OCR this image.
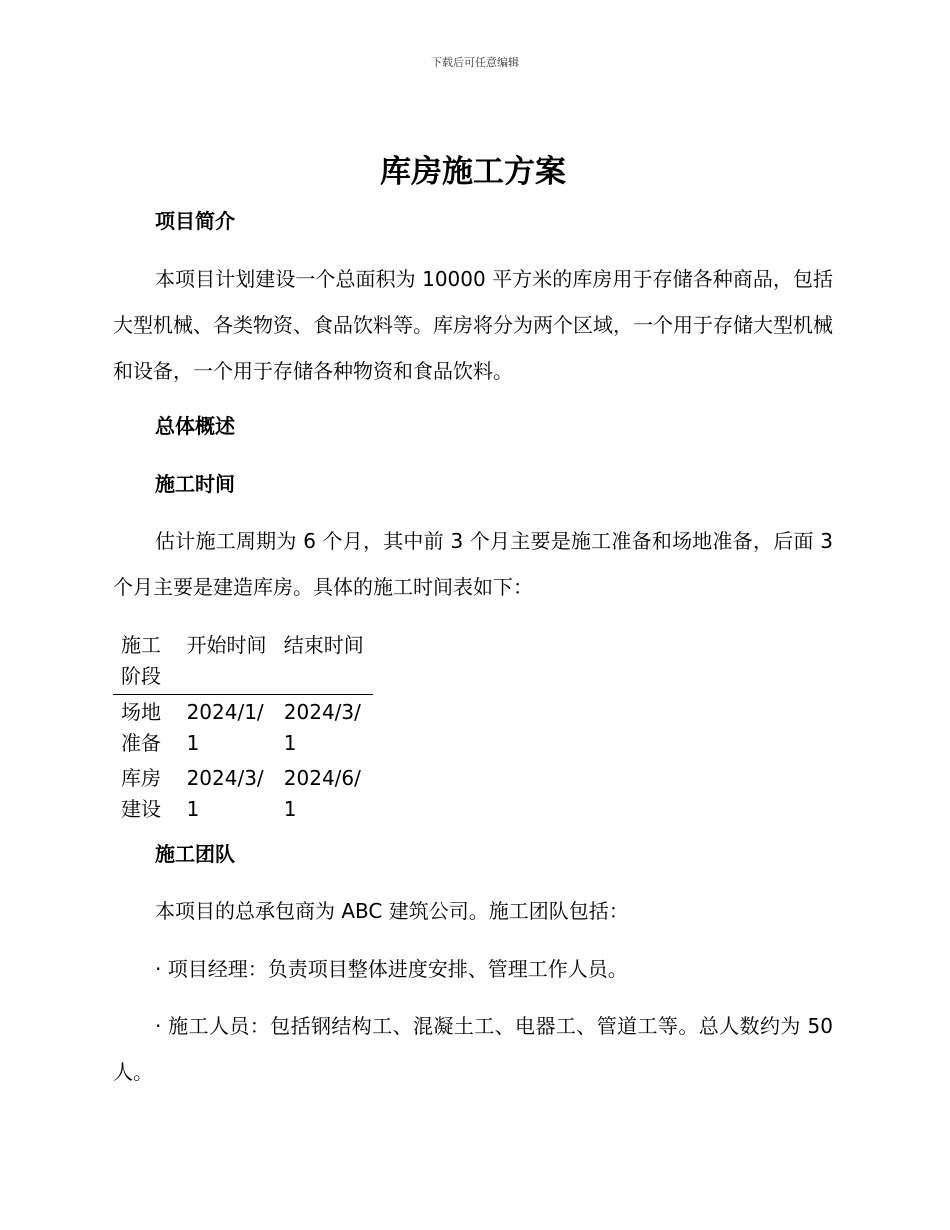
下载后可任意编辑
库房施工方案
项目简介

本项目计划建设一个总面积为 10000 平方米的库房用于存储各种商品，包括大型机械、各类物资、食品饮料等。库房将分为两个区域，一个用于存储大型机械和设备，一个用于存储各种物资和食品饮料。

总体概述
施工时间

估计施工周期为 6 个月，其中前 3 个月主要是施工准备和场地准备，后面 3 个月主要是建造库房。具体的施工时间表如下：

施工阶段	开始时间	结束时间
场地准备	2024/1/1	2024/3/1
库房建设	2024/3/1	2024/6/1
施工团队

本项目的总承包商为 ABC 建筑公司。施工团队包括：

· 项目经理：负责项目整体进度安排、管理工作人员。

· 施工人员：包括钢结构工、混凝土工、电器工、管道工等。总人数约为 50 人。
